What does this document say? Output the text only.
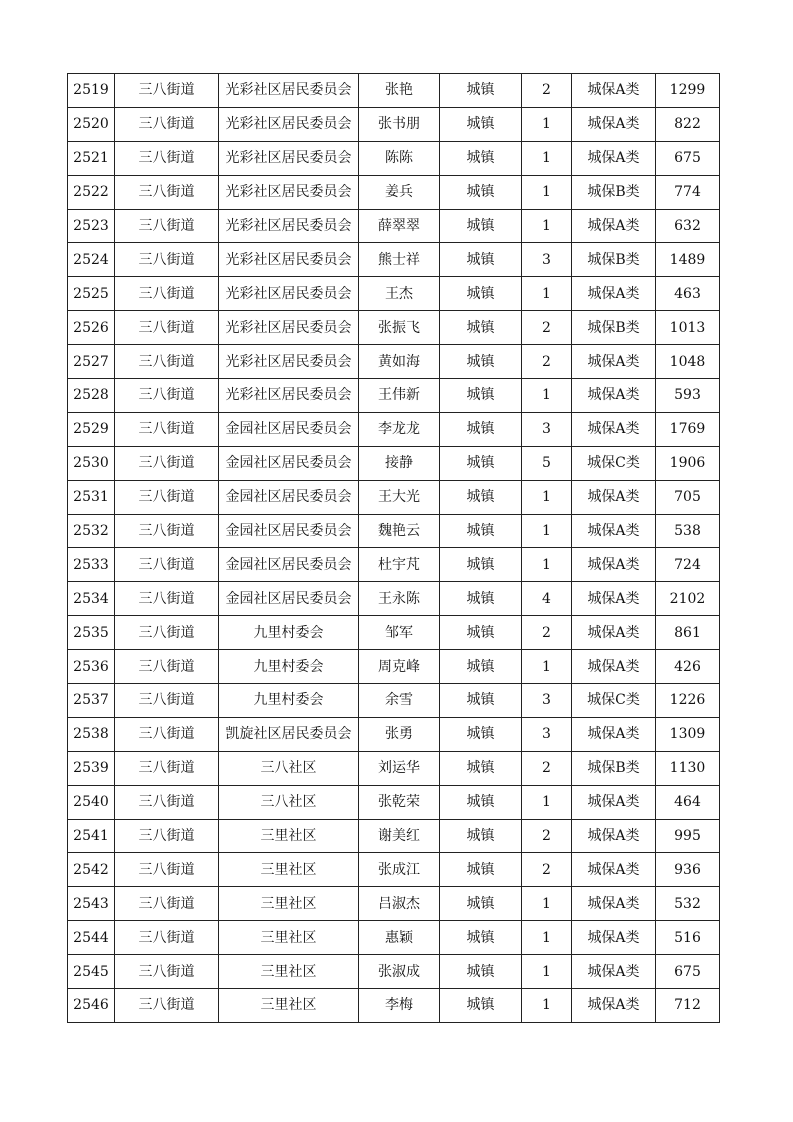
2519	三八街道	光彩社区居民委员会	张艳	城镇	2	城保A类	1299
2520	三八街道	光彩社区居民委员会	张书朋	城镇	1	城保A类	822
2521	三八街道	光彩社区居民委员会	陈陈	城镇	1	城保A类	675
2522	三八街道	光彩社区居民委员会	姜兵	城镇	1	城保B类	774
2523	三八街道	光彩社区居民委员会	薛翠翠	城镇	1	城保A类	632
2524	三八街道	光彩社区居民委员会	熊士祥	城镇	3	城保B类	1489
2525	三八街道	光彩社区居民委员会	王杰	城镇	1	城保A类	463
2526	三八街道	光彩社区居民委员会	张振飞	城镇	2	城保B类	1013
2527	三八街道	光彩社区居民委员会	黄如海	城镇	2	城保A类	1048
2528	三八街道	光彩社区居民委员会	王伟新	城镇	1	城保A类	593
2529	三八街道	金园社区居民委员会	李龙龙	城镇	3	城保A类	1769
2530	三八街道	金园社区居民委员会	接静	城镇	5	城保C类	1906
2531	三八街道	金园社区居民委员会	王大光	城镇	1	城保A类	705
2532	三八街道	金园社区居民委员会	魏艳云	城镇	1	城保A类	538
2533	三八街道	金园社区居民委员会	杜宇芃	城镇	1	城保A类	724
2534	三八街道	金园社区居民委员会	王永陈	城镇	4	城保A类	2102
2535	三八街道	九里村委会	邹军	城镇	2	城保A类	861
2536	三八街道	九里村委会	周克峰	城镇	1	城保A类	426
2537	三八街道	九里村委会	余雪	城镇	3	城保C类	1226
2538	三八街道	凯旋社区居民委员会	张勇	城镇	3	城保A类	1309
2539	三八街道	三八社区	刘运华	城镇	2	城保B类	1130
2540	三八街道	三八社区	张乾荣	城镇	1	城保A类	464
2541	三八街道	三里社区	谢美红	城镇	2	城保A类	995
2542	三八街道	三里社区	张成江	城镇	2	城保A类	936
2543	三八街道	三里社区	吕淑杰	城镇	1	城保A类	532
2544	三八街道	三里社区	惠颖	城镇	1	城保A类	516
2545	三八街道	三里社区	张淑成	城镇	1	城保A类	675
2546	三八街道	三里社区	李梅	城镇	1	城保A类	712
